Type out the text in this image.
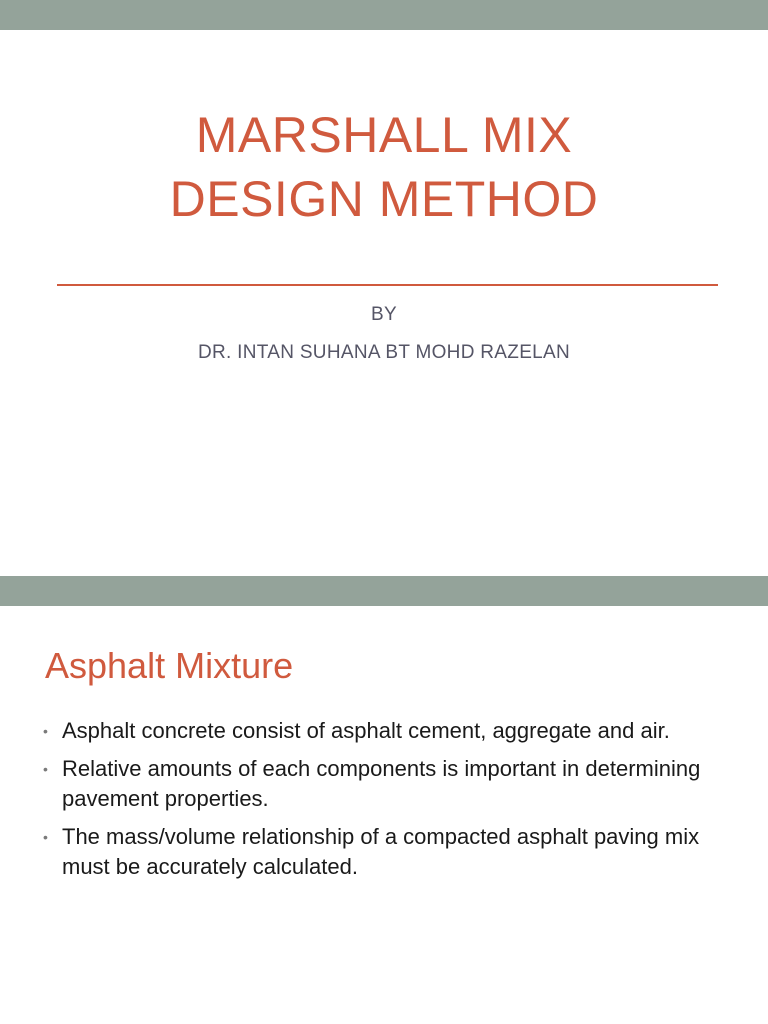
MARSHALL MIX
DESIGN METHOD
BY
DR. INTAN SUHANA BT MOHD RAZELAN
Asphalt Mixture
• Asphalt concrete consist of asphalt cement, aggregate and air.
• Relative amounts of each components is important in determining pavement properties.
• The mass/volume relationship of a compacted asphalt paving mix must be accurately calculated.
